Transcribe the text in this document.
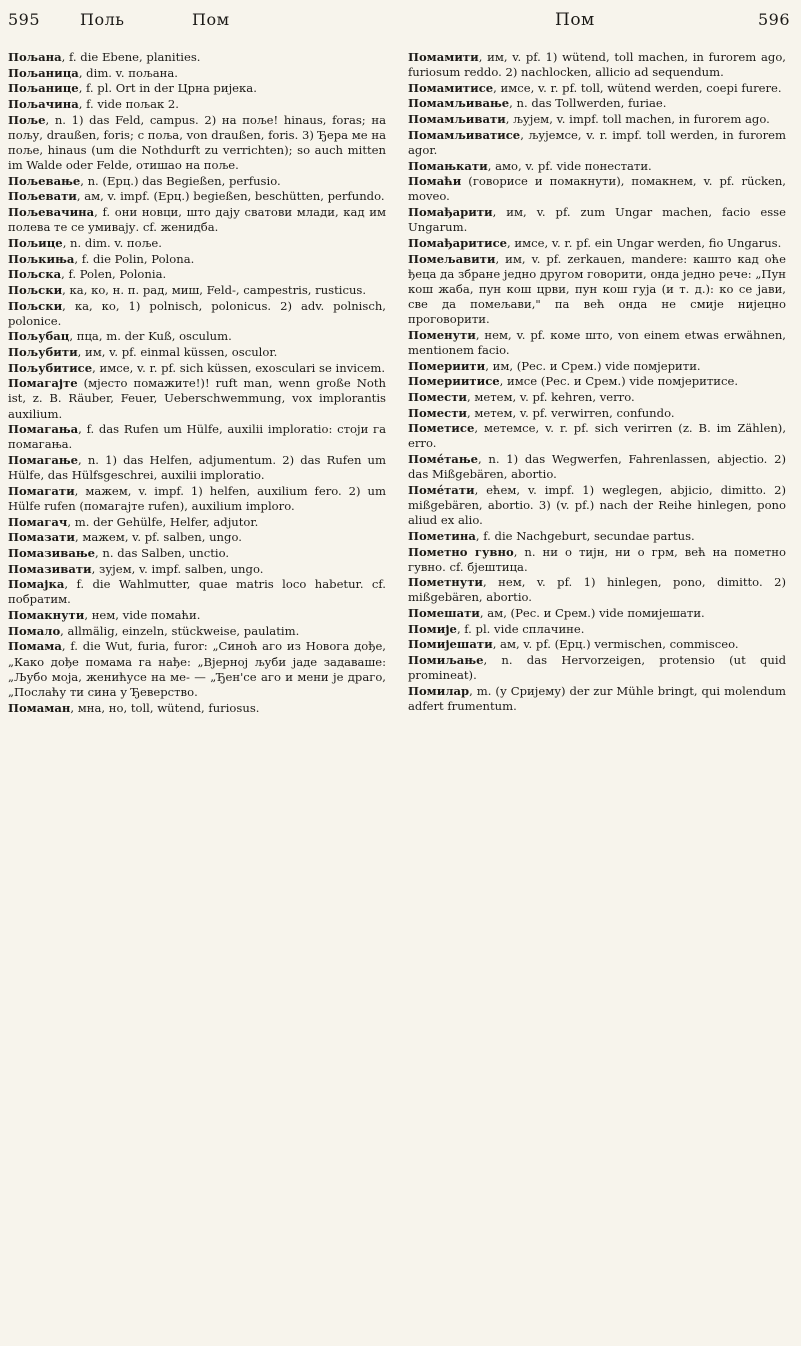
595 Поль	Пом	Пом	596
Пољана, f. die Ebene, planities.
Пољаница, dim. v. пољана.
Пољанице, f. pl. Ort in der Црна ријека.
Пољачина, f. vide пољак 2.
Поље, n. 1) das Feld, campus. 2) на поље! hinaus, foras; на пољу, draußen, foris; с поља, von draußen, foris. 3) Ђера ме на поље, hinaus (um die Nothdurft zu verrichten); so auch mitten im Walde oder Felde, отишао на поље.
Пољевање, n. (Ерц.) das Begießen, perfusio.
Пољевати, ам, v. impf. (Ерц.) begießen, beschütten, perfundo.
Пољевачина, f. они новци, што дају сватови млади, кад им полева те се умивају. cf. женидба.
Пољице, n. dim. v. поље.
Пољкиња, f. die Polin, Polona.
Пољска, f. Polen, Polonia.
Пољски, ка, ко, н. п. рад, миш, Feld-, campestris, rusticus.
Пољски, ка, ко, 1) polnisch, polonicus. 2) adv. polnisch, polonice.
Пољубац, пца, m. der Kuß, osculum.
Пољубити, им, v. pf. einmal küssen, osculor.
Пољубитисе, имсе, v. r. pf. sich küssen, exosculari se invicem.
Помагајте (мјесто помажите!)! ruft man, wenn große Noth ist, z. B. Räuber, Feuer, Ueberschwemmung, vox implorantis auxilium.
Помагања, f. das Rufen um Hülfe, auxilii imploratio: стоји га помагања.
Помагање, n. 1) das Helfen, adjumentum. 2) das Rufen um Hülfe, das Hülfsgeschrei, auxilii imploratio.
Помагати, мажем, v. impf. 1) helfen, auxilium fero. 2) um Hülfe rufen (помагајте rufen), auxilium imploro.
Помагач, m. der Gehülfe, Helfer, adjutor.
Помазати, мажем, v. pf. salben, ungo.
Помазивање, n. das Salben, unctio.
Помазивати, зујем, v. impf. salben, ungo.
Помајка, f. die Wahlmutter, quae matris loco habetur. cf. побратим.
Помакнути, нем, vide помаћи.
Помало, allmälig, einzeln, stückweise, paulatim.
Помама, f. die Wut, furia, furor: „Синоћ аго из Новога дође, „Како дође помама га нађе: „Вјерној љуби јаде задаваше: „Љубо моја, женићусе на ме- — „Ђен'се аго и мени је драго, „Послаћу ти сина у Ђеверство.
Помаман, мна, но, toll, wütend, furiosus.
Помамити, им, v. pf. 1) wütend, toll machen, in furorem ago, furiosum reddo. 2) nachlocken, allicio ad sequendum.
Помамитисе, имсе, v. r. pf. toll, wütend werden, coepi furere.
Помамљивање, n. das Tollwerden, furiae.
Помамљивати, љујем, v. impf. toll machen, in furorem ago.
Помамљиватисе, љујемсе, v. r. impf. toll werden, in furorem agor.
Помањкати, амо, v. pf. vide понестати.
Помаћи (говорисе и помакнути), помакнем, v. pf. rücken, moveo.
Помађарити, им, v. pf. zum Ungar machen, facio esse Ungarum.
Помађаритисе, имсе, v. r. pf. ein Ungar werden, fio Ungarus.
Помељавити, им, v. pf. zerkauen, mandere: кашто кад оће ђеца да збране једно другом говорити, онда једно рече: „Пун кош жаба, пун кош црви, пун кош гуја (и т. д.): ко се јави, све да помељави," па већ онда не смије нијецно проговорити.
Поменути, нем, v. pf. коме што, von einem etwas erwähnen, mentionem facio.
Помериити, им, (Рес. и Срем.) vide помјерити.
Помериитисе, имсе (Рес. и Срем.) vide помјеритисе.
Помести, метем, v. pf. kehren, verro.
Помести, метем, v. pf. verwirren, confundo.
Пометисе, метемсе, v. r. pf. sich verirren (z. B. im Zählen), erro.
Помéтање, n. 1) das Wegwerfen, Fahrenlassen, abjectio. 2) das Mißgebären, abortio.
Помéтати, ећем, v. impf. 1) weglegen, abjicio, dimitto. 2) mißgebären, abortio. 3) (v. pf.) nach der Reihe hinlegen, pono aliud ex alio.
Пометина, f. die Nachgeburt, secundae partus.
Пометно гувно, n. ни о тијн, ни о грм, већ на пометно гувно. cf. бјештица.
Пометнути, нем, v. pf. 1) hinlegen, pono, dimitto. 2) mißgebären, abortio.
Помешати, ам, (Рес. и Срем.) vide помијешати.
Помије, f. pl. vide сплачине.
Помијешати, ам, v. pf. (Ерц.) vermischen, commisceo.
Помиљање, n. das Hervorzeigen, protensio (ut quid promineat).
Помилар, m. (у Сријему) der zur Mühle bringt, qui molendum adfert frumentum.
